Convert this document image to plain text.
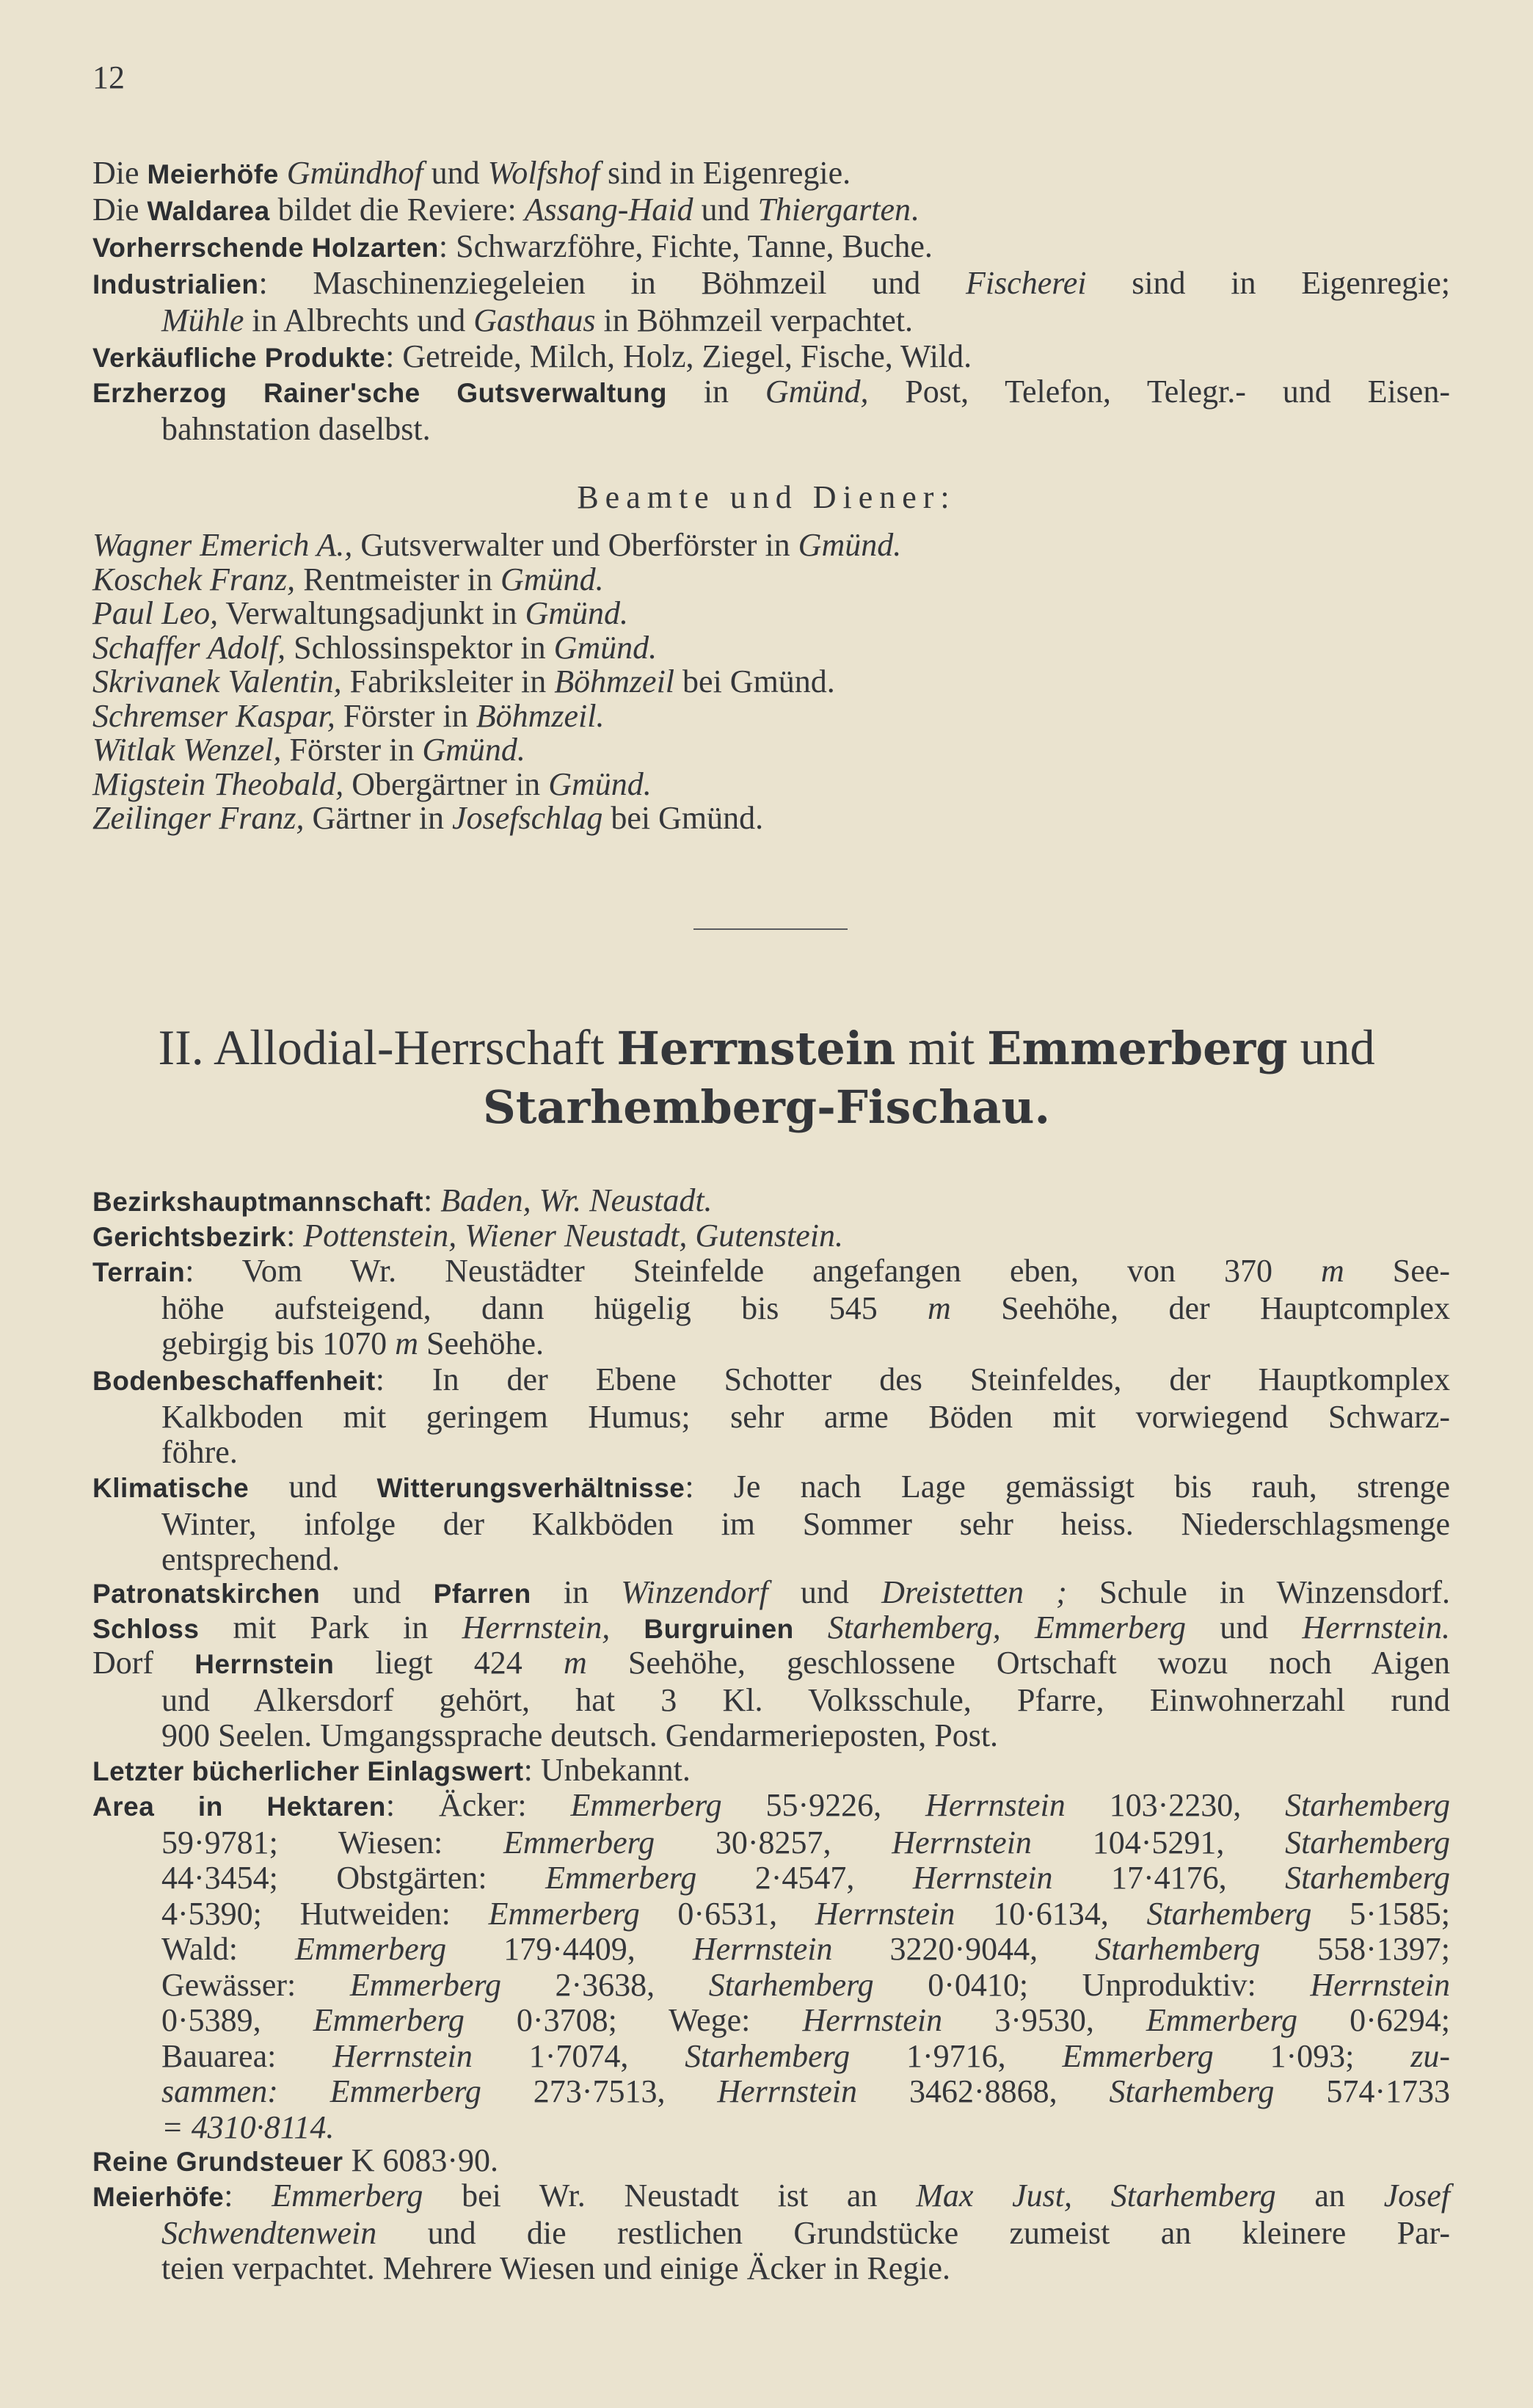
12
Die Meierhöfe Gmündhof und Wolfshof sind in Eigenregie.
Die Waldarea bildet die Reviere: Assang-Haid und Thiergarten.
Vorherrschende Holzarten: Schwarzföhre, Fichte, Tanne, Buche.
Industrialien: Maschinenziegeleien in Böhmzeil und Fischerei sind in Eigenregie;
Mühle in Albrechts und Gasthaus in Böhmzeil verpachtet.
Verkäufliche Produkte: Getreide, Milch, Holz, Ziegel, Fische, Wild.
Erzherzog Rainer'sche Gutsverwaltung in Gmünd, Post, Telefon, Telegr.- und Eisen-
bahnstation daselbst.
Beamte und Diener:
Wagner Emerich A., Gutsverwalter und Oberförster in Gmünd.
Koschek Franz, Rentmeister in Gmünd.
Paul Leo, Verwaltungsadjunkt in Gmünd.
Schaffer Adolf, Schlossinspektor in Gmünd.
Skrivanek Valentin, Fabriksleiter in Böhmzeil bei Gmünd.
Schremser Kaspar, Förster in Böhmzeil.
Witlak Wenzel, Förster in Gmünd.
Migstein Theobald, Obergärtner in Gmünd.
Zeilinger Franz, Gärtner in Josefschlag bei Gmünd.
II. Allodial-Herrschaft Herrnstein mit Emmerberg und
Starhemberg-Fischau.
Bezirkshauptmannschaft: Baden, Wr. Neustadt.
Gerichtsbezirk: Pottenstein, Wiener Neustadt, Gutenstein.
Terrain: Vom Wr. Neustädter Steinfelde angefangen eben, von 370 m See-
höhe aufsteigend, dann hügelig bis 545 m Seehöhe, der Hauptcomplex
gebirgig bis 1070 m Seehöhe.
Bodenbeschaffenheit: In der Ebene Schotter des Steinfeldes, der Hauptkomplex
Kalkboden mit geringem Humus; sehr arme Böden mit vorwiegend Schwarz-
föhre.
Klimatische und Witterungsverhältnisse: Je nach Lage gemässigt bis rauh, strenge
Winter, infolge der Kalkböden im Sommer sehr heiss. Niederschlagsmenge
entsprechend.
Patronatskirchen und Pfarren in Winzendorf und Dreistetten ; Schule in Winzensdorf.
Schloss mit Park in Herrnstein, Burgruinen Starhemberg, Emmerberg und Herrnstein.
Dorf Herrnstein liegt 424 m Seehöhe, geschlossene Ortschaft wozu noch Aigen
und Alkersdorf gehört, hat 3 Kl. Volksschule, Pfarre, Einwohnerzahl rund
900 Seelen. Umgangssprache deutsch. Gendarmerieposten, Post.
Letzter bücherlicher Einlagswert: Unbekannt.
Area in Hektaren: Äcker: Emmerberg 55·9226, Herrnstein 103·2230, Starhemberg
59·9781; Wiesen: Emmerberg 30·8257, Herrnstein 104·5291, Starhemberg
44·3454; Obstgärten: Emmerberg 2·4547, Herrnstein 17·4176, Starhemberg
4·5390; Hutweiden: Emmerberg 0·6531, Herrnstein 10·6134, Starhemberg 5·1585;
Wald: Emmerberg 179·4409, Herrnstein 3220·9044, Starhemberg 558·1397;
Gewässer: Emmerberg 2·3638, Starhemberg 0·0410; Unproduktiv: Herrnstein
0·5389, Emmerberg 0·3708; Wege: Herrnstein 3·9530, Emmerberg 0·6294;
Bauarea: Herrnstein 1·7074, Starhemberg 1·9716, Emmerberg 1·093; zu-
sammen: Emmerberg 273·7513, Herrnstein 3462·8868, Starhemberg 574·1733
= 4310·8114.
Reine Grundsteuer K 6083·90.
Meierhöfe: Emmerberg bei Wr. Neustadt ist an Max Just, Starhemberg an Josef
Schwendtenwein und die restlichen Grundstücke zumeist an kleinere Par-
teien verpachtet. Mehrere Wiesen und einige Äcker in Regie.
